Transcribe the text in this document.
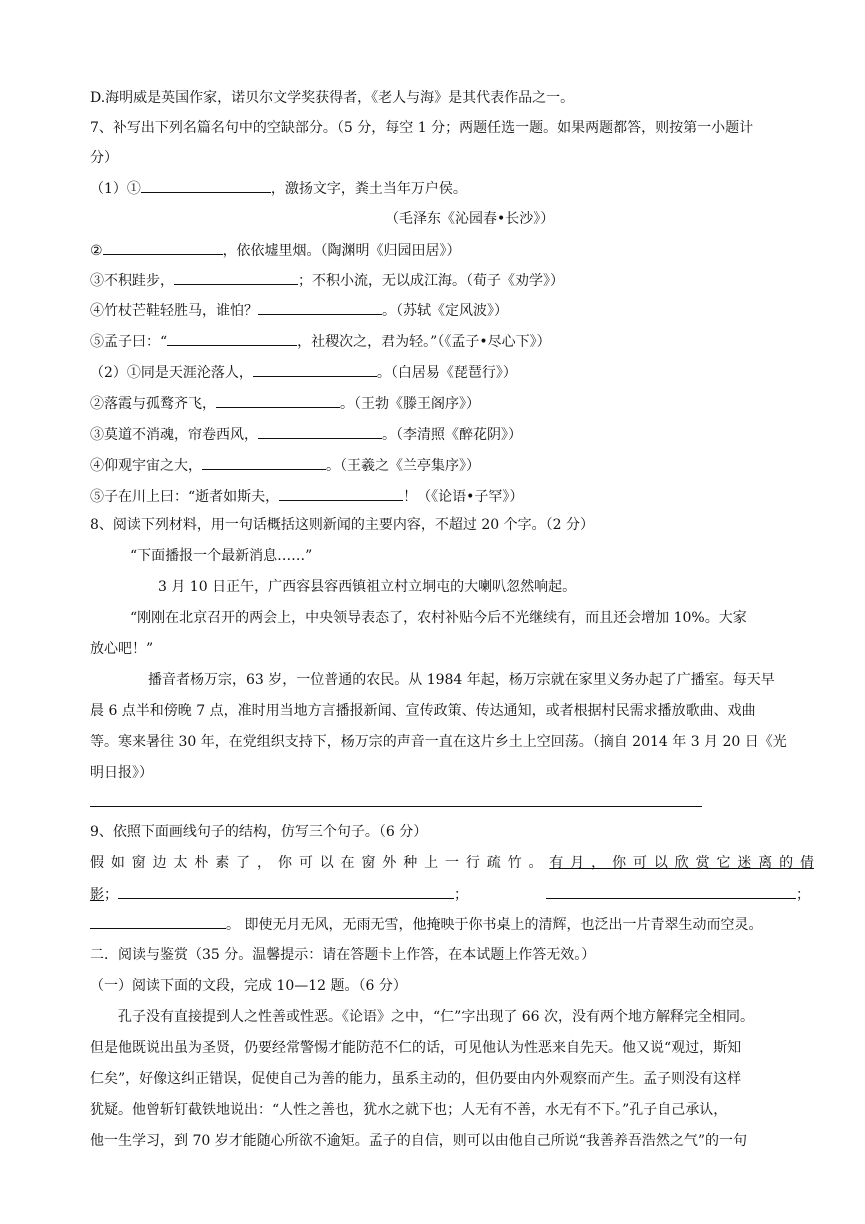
D.海明威是英国作家，诺贝尔文学奖获得者，《老人与海》是其代表作品之一。
7、补写出下列名篇名句中的空缺部分。（5 分，每空 1 分；两题任选一题。如果两题都答，则按第一小题计
分）
（1）①	，激扬文字，粪土当年万户侯。
（毛泽东《沁园春•长沙》）
②	，依依墟里烟。（陶渊明《归园田居》）
③不积跬步，	；不积小流，无以成江海。（荀子《劝学》）
④竹杖芒鞋轻胜马，谁怕？	。（苏轼《定风波》）
⑤孟子曰：“	，社稷次之，君为轻。”（《孟子•尽心下》）
（2）①同是天涯沦落人，	。（白居易《琵琶行》）
②落霞与孤鹜齐飞，	。（王勃《滕王阁序》）
③莫道不消魂，帘卷西风，	。（李清照《醉花阴》）
④仰观宇宙之大，	。（王羲之《兰亭集序》）
⑤子在川上曰：“逝者如斯夫，	！（《论语•子罕》）
8、阅读下列材料，用一句话概括这则新闻的主要内容，不超过 20 个字。（2 分）
“下面播报一个最新消息……”
3 月 10 日正午，广西容县容西镇祖立村立垌屯的大喇叭忽然响起。
“刚刚在北京召开的两会上，中央领导表态了，农村补贴今后不光继续有，而且还会增加 10%。大家
放心吧！”
播音者杨万宗，63 岁，一位普通的农民。从 1984 年起，杨万宗就在家里义务办起了广播室。每天早
晨 6 点半和傍晚 7 点，准时用当地方言播报新闻、宣传政策、传达通知，或者根据村民需求播放歌曲、戏曲
等。寒来暑往 30 年，在党组织支持下，杨万宗的声音一直在这片乡土上空回荡。（摘自 2014 年 3 月 20 日《光
明日报》）
9、依照下面画线句子的结构，仿写三个句子。（6 分）
假如窗边太朴素了，你可以在窗外种上一行疏竹。有月，你可以欣赏它迷离的倩
影；	；	；
。 即使无月无风，无雨无雪，他掩映于你书桌上的清辉，也泛出一片青翠生动而空灵。
二．阅读与鉴赏（35 分。温馨提示：请在答题卡上作答，在本试题上作答无效。）
（一）阅读下面的文段，完成 10—12 题。（6 分）
孔子没有直接提到人之性善或性恶。《论语》之中，“仁”字出现了 66 次，没有两个地方解释完全相同。
但是他既说出虽为圣贤，仍要经常警惕才能防范不仁的话，可见他认为性恶来自先天。他又说“观过，斯知
仁矣”，好像这纠正错误，促使自己为善的能力，虽系主动的，但仍要由内外观察而产生。孟子则没有这样
犹疑。他曾斩钉截铁地说出：“人性之善也，犹水之就下也；人无有不善，水无有不下。”孔子自己承认，
他一生学习，到 70 岁才能随心所欲不逾矩。孟子的自信，则可以由他自己所说“我善养吾浩然之气”的一句
